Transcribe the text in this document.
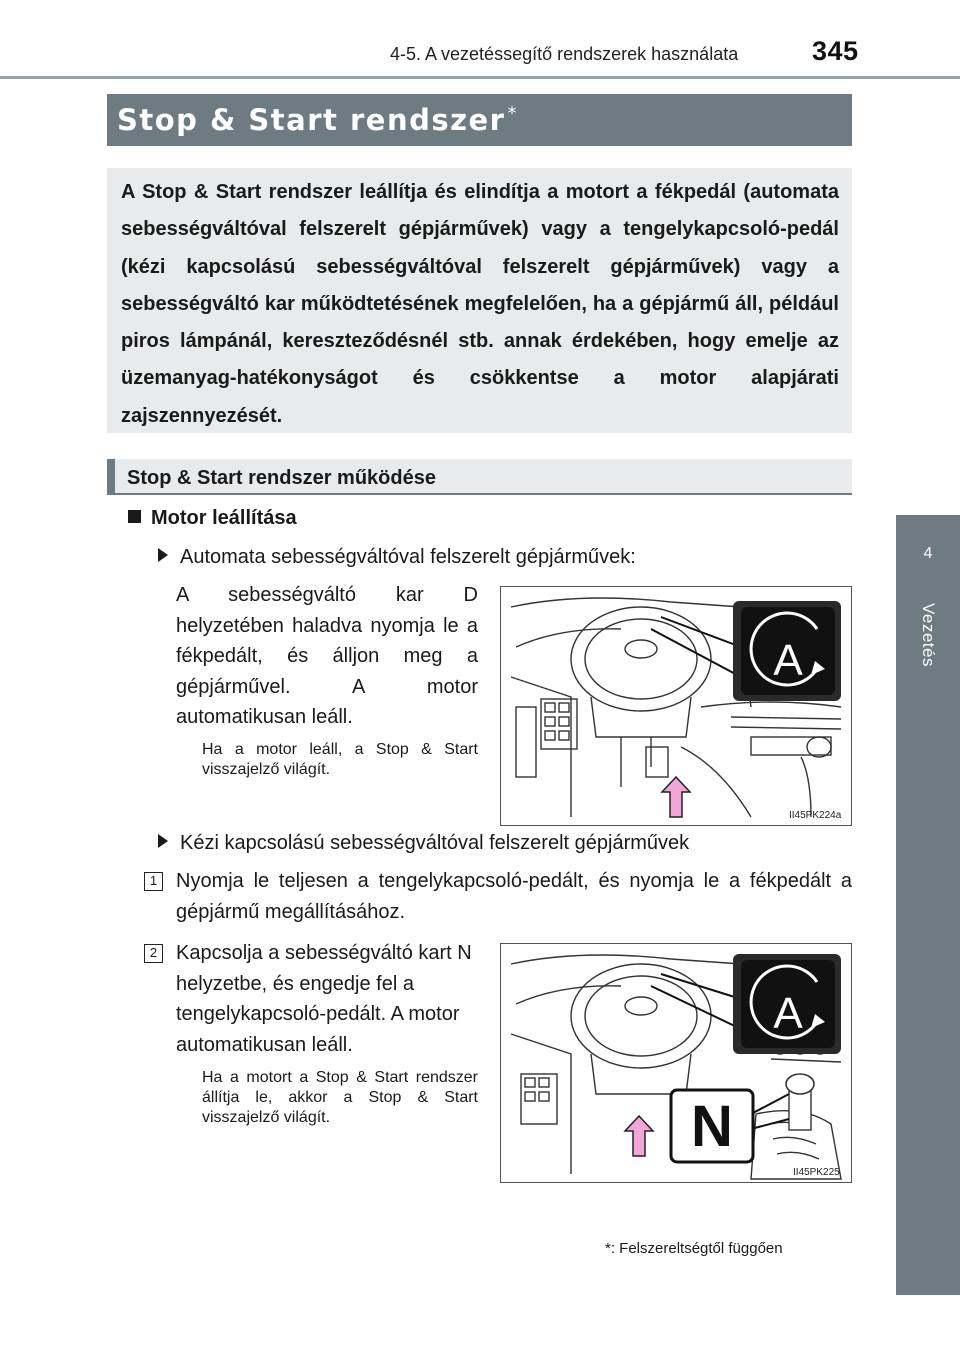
4-5. A vezetéssegítő rendszerek használata	345
4
Vezetés
Stop & Start rendszer *
A Stop & Start rendszer leállítja és elindítja a motort a fékpedál (automata sebességváltóval felszerelt gépjárművek) vagy a tengelykapcsoló-pedál (kézi kapcsolású sebességváltóval felszerelt gépjárművek) vagy a sebességváltó kar működtetésének megfelelően, ha a gépjármű áll, például piros lámpánál, kereszteződésnél stb. annak érdekében, hogy emelje az üzemanyag-hatékonyságot és csökkentse a motor alapjárati zajszennyezését.
Stop & Start rendszer működése
Motor leállítása
Automata sebességváltóval felszerelt gépjárművek:
A sebességváltó kar D helyzetében haladva nyomja le a fékpedált, és álljon meg a gépjárművel. A motor automatikusan leáll.
Ha a motor leáll, a Stop & Start visszajelző világít.
A
II45PK224a
Kézi kapcsolású sebességváltóval felszerelt gépjárművek
1 Nyomja le teljesen a tengelykapcsoló-pedált, és nyomja le a fékpedált a gépjármű megállításához.
2 Kapcsolja a sebességváltó kart N helyzetbe, és engedje fel a tengelykapcsoló-pedált. A motor automatikusan leáll.
Ha a motort a Stop & Start rendszer állítja le, akkor a Stop & Start visszajelző világít.
A
N
II45PK225
*: Felszereltségtől függően
